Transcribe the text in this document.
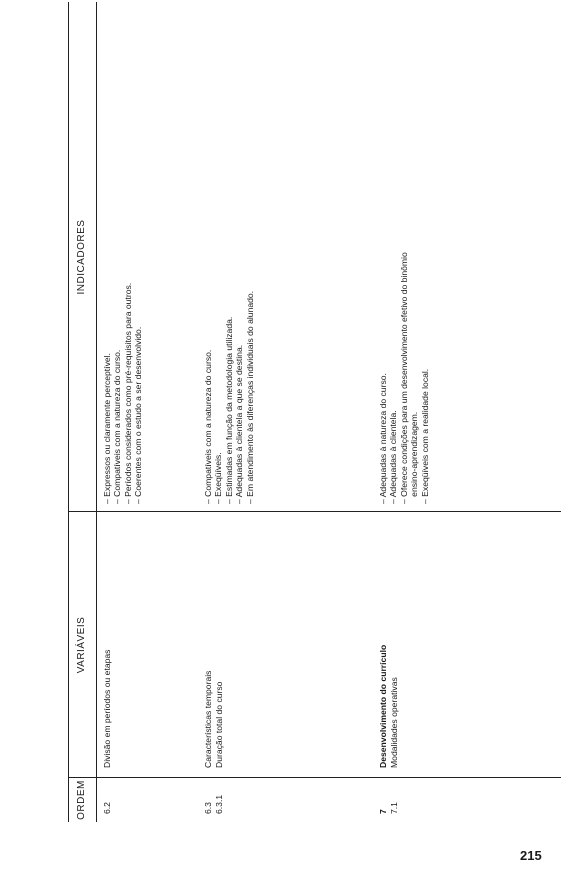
ORDEM
VARIÁVEIS
INDICADORES
6.2
Divisão em períodos ou etapas
– Expressos ou claramente perceptível. – Compatíveis com a natureza do curso. – Períodos considerados como pré-requisitos para outros. – Coerentes com o estudo a ser desenvolvido.
6.3 6.3.1
Características temporais Duração total do curso
– Compatíveis com a natureza do curso. – Exeqüíveis. – Estimadas em função da metodologia utilizada. – Adequadas à clientela a que se destina. – Em atendimento às diferenças individuais do alunado.
7 7.1
Desenvolvimento do currículo Modalidades operativas
– Adequadas à natureza do curso. – Adequadas à clientela. – Oferece condições para um desenvolvimento efetivo do binômio ensino-aprendizagem. – Exeqüíveis com a realidade local.
215
